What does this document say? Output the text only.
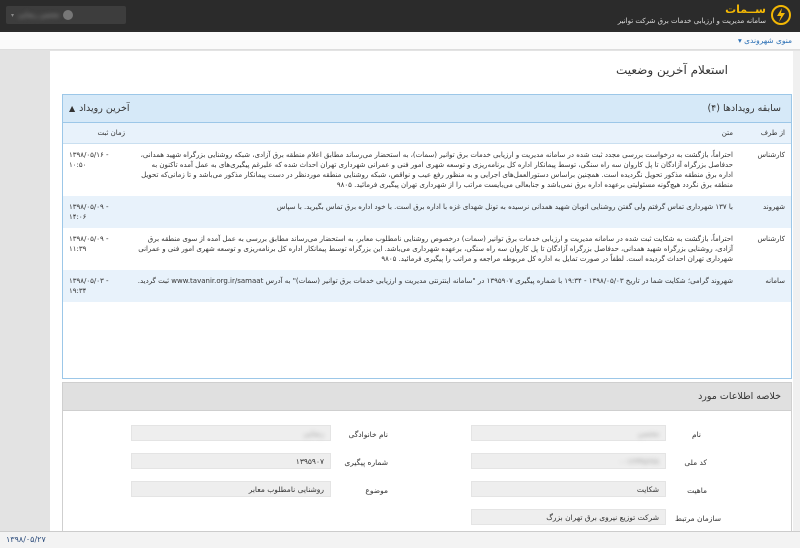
▾ محسن رضایی	ســمات
سامانه مدیریت و ارزیابی خدمات برق شرکت توانیر
منوی شهروندی ▾
استعلام آخرین وضعیت
سابقه رویدادها (۴)
آخرین رویداد
▲
از طرف	متن	زمان ثبت
کارشناس	احتراماً، بازگشت به درخواست بررسی مجدد ثبت شده در سامانه مدیریت و ارزیابی خدمات برق توانیر (سمات)، به استحضار می‌رساند مطابق اعلام منطقه برق آزادی، شبکه روشنایی بزرگراه شهید همدانی، حدفاصل بزرگراه آزادگان تا پل کاروان سه راه سنگی، توسط پیمانکار اداره کل برنامه‌ریزی و توسعه شهری امور فنی و عمرانی شهرداری تهران احداث شده که علیرغم پیگیری‌های به عمل آمده تاکنون به اداره برق منطقه مذکور تحویل نگردیده است. همچنین براساس دستورالعمل‌های اجرایی و به منظور رفع عیب و نواقص، شبکه روشنایی منطقه موردنظر در دست پیمانکار مذکور می‌باشد و تا زمانی‌که تحویل منطقه برق نگردد هیچ‌گونه مسئولیتی برعهده اداره برق نمی‌باشد و جنابعالی می‌بایست مراتب را از شهرداری تهران پیگیری فرمائید. ۹۸۰۵	۱۳۹۸/۰۵/۱۶ - ۱۰:۵۰
شهروند	با ۱۳۷ شهرداری تماس گرفتم ولی گفتن روشنایی اتوبان شهید همدانی نرسیده به تونل شهدای غزه با اداره برق است. با خود اداره برق تماس بگیرید. با سپاس	۱۳۹۸/۰۵/۰۹ - ۱۴:۰۶
کارشناس	احتراماً، بازگشت به شکایت ثبت شده در سامانه مدیریت و ارزیابی خدمات برق توانیر (سمات) درخصوص روشنایی نامطلوب معابر، به استحضار می‌رساند مطابق بررسی به عمل آمده از سوی منطقه برق آزادی، روشنایی بزرگراه شهید همدانی، حدفاصل بزرگراه آزادگان تا پل کاروان سه راه سنگی، برعهده شهرداری می‌باشد. این بزرگراه توسط پیمانکار اداره کل برنامه‌ریزی و توسعه شهری امور فنی و عمرانی شهرداری تهران احداث گردیده است. لطفاً در صورت تمایل به اداره کل مربوطه مراجعه و مراتب را پیگیری فرمائید. ۹۸۰۵	۱۳۹۸/۰۵/۰۹ - ۱۱:۳۹
سامانه	شهروند گرامی؛ شکایت شما در تاریخ ۱۳۹۸/۰۵/۰۳ - ۱۹:۳۴ با شماره پیگیری ۱۳۹۵۹۰۷ در "سامانه اینترنتی مدیریت و ارزیابی خدمات برق توانیر (سمات)" به آدرس www.tavanir.org.ir/samaat ثبت گردید.	۱۳۹۸/۰۵/۰۳ - ۱۹:۳۴
خلاصه اطلاعات مورد
نام
محسن
نام خانوادگی
رضایی
کد ملی
۰۰۱۲۳۴۵۶۷۸
شماره پیگیری
۱۳۹۵۹۰۷
ماهیت
شکایت
موضوع
روشنایی نامطلوب معابر
سازمان مرتبط
شرکت توزیع نیروی برق تهران بزرگ
۱۳۹۸/۰۵/۲۷
